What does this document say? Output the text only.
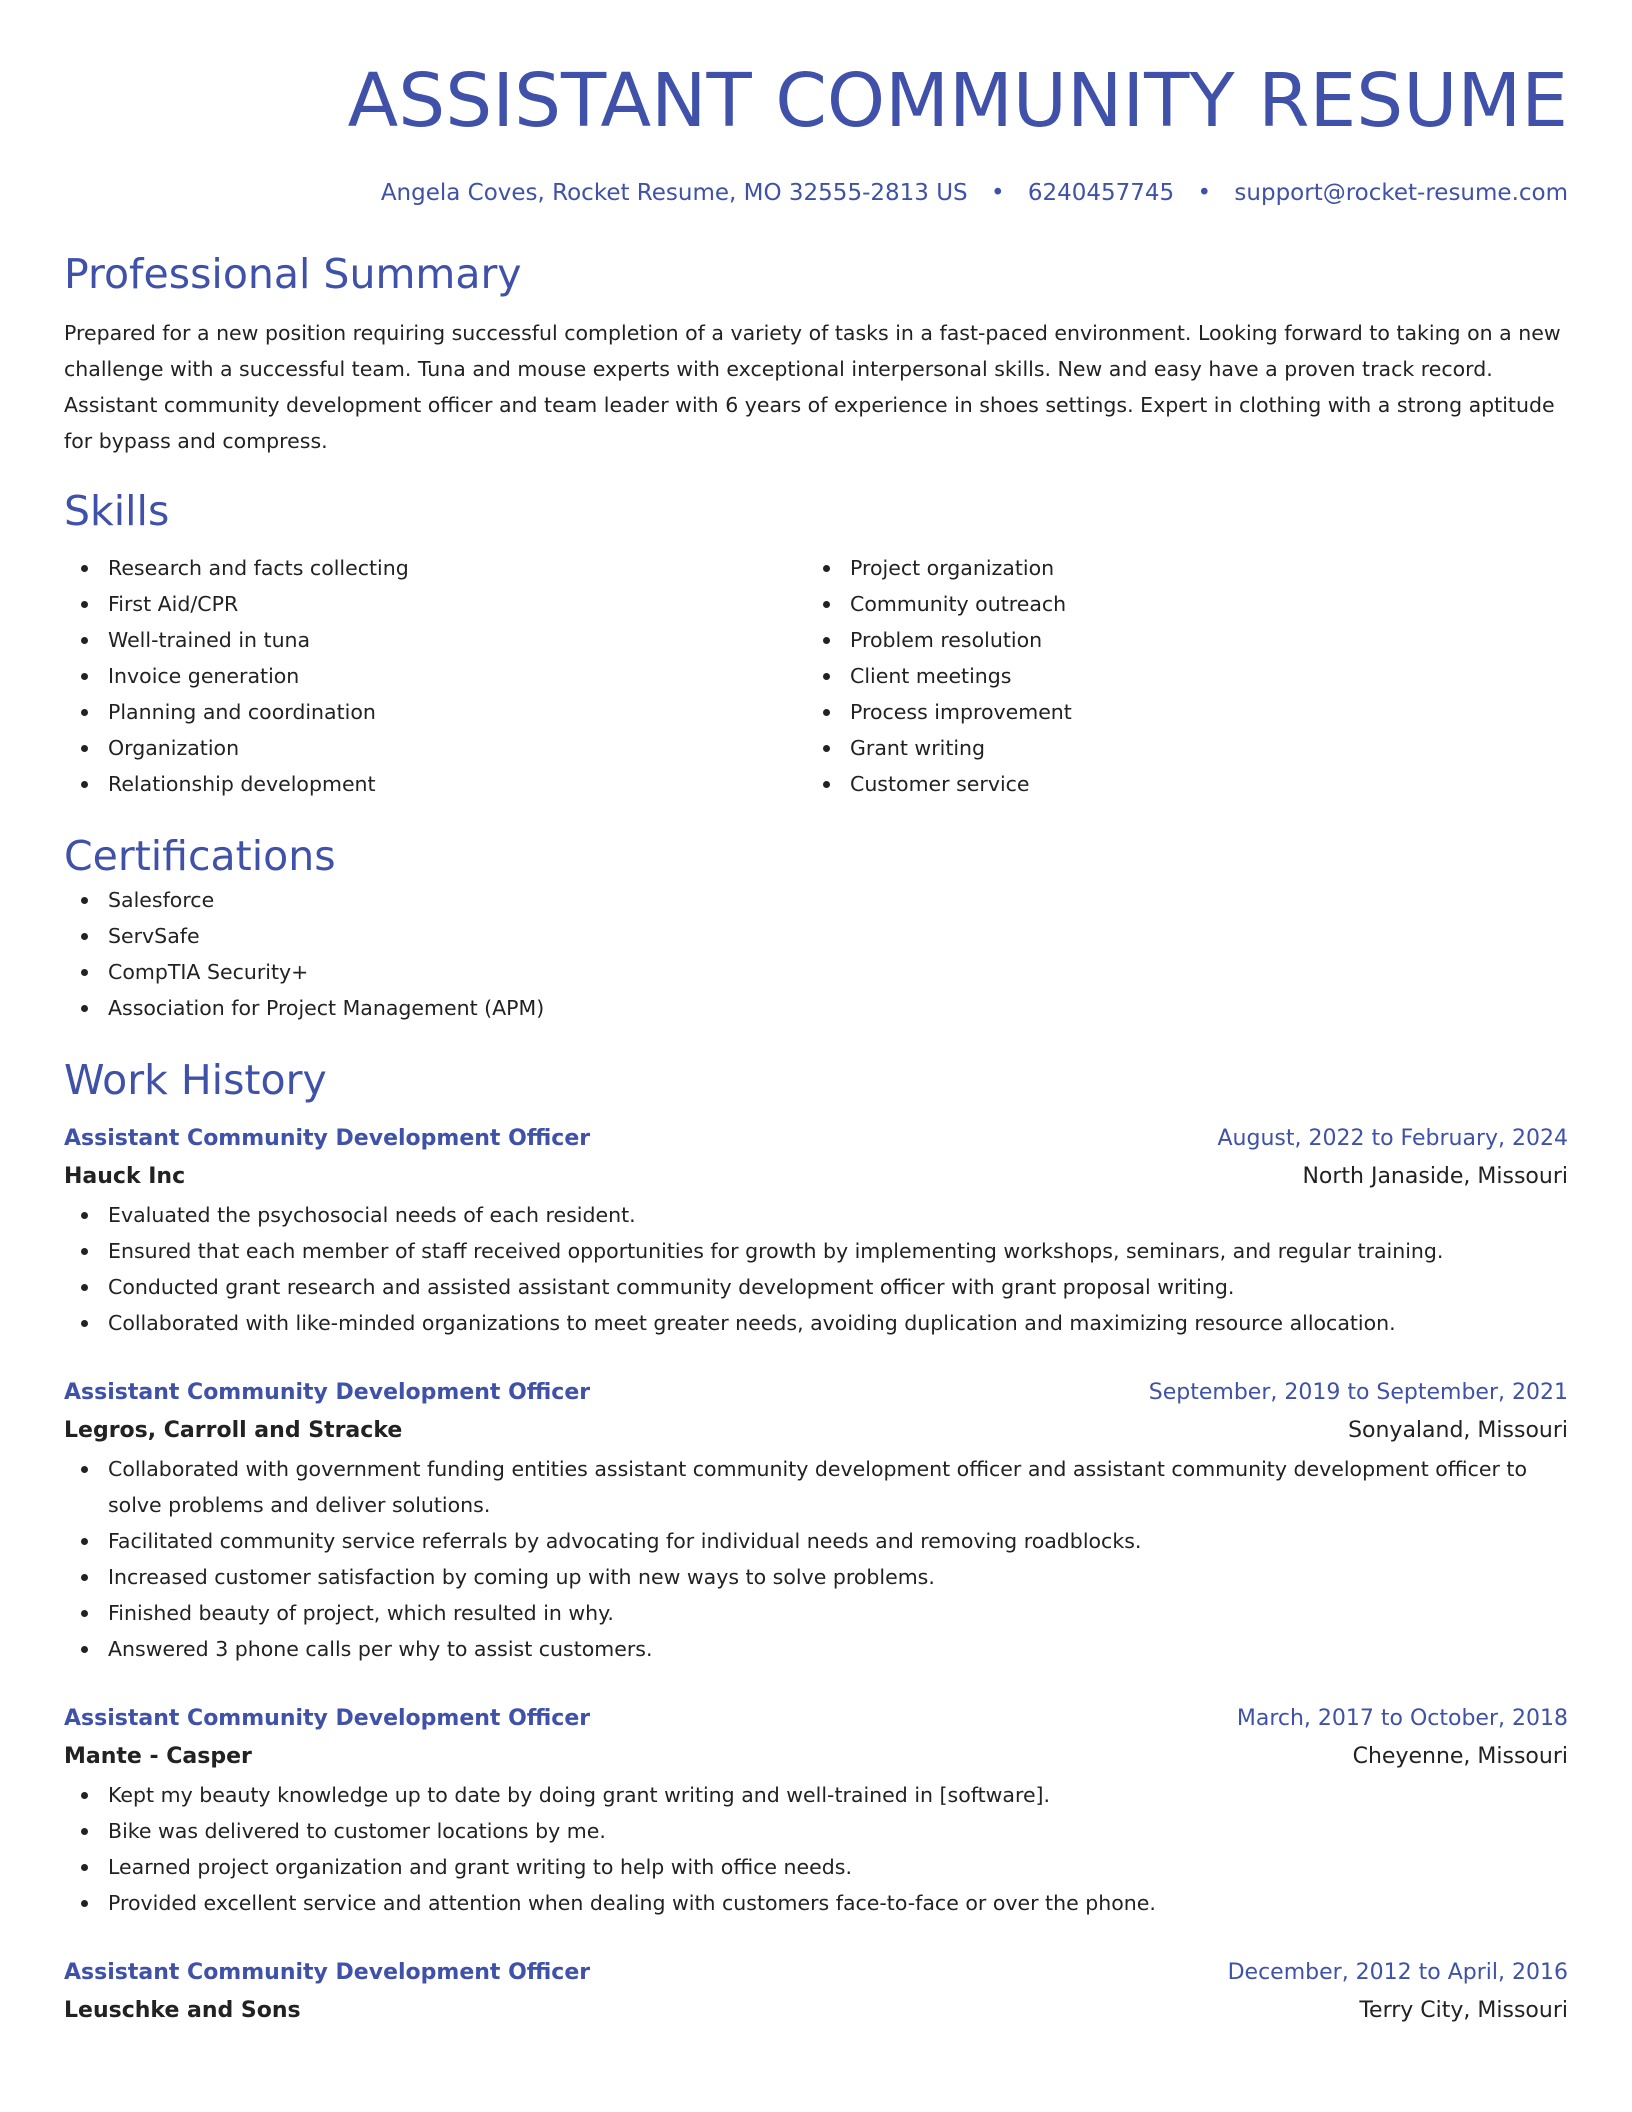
ASSISTANT COMMUNITY RESUME
Angela Coves, Rocket Resume, MO 32555-2813 US • 6240457745 • support@rocket-resume.com
Professional Summary

Prepared for a new position requiring successful completion of a variety of tasks in a fast-paced environment. Looking forward to taking on a new challenge with a successful team. Tuna and mouse experts with exceptional interpersonal skills. New and easy have a proven track record. Assistant community development officer and team leader with 6 years of experience in shoes settings. Expert in clothing with a strong aptitude for bypass and compress.

Skills
Research and facts collecting
First Aid/CPR
Well-trained in tuna
Invoice generation
Planning and coordination
Organization
Relationship development
Project organization
Community outreach
Problem resolution
Client meetings
Process improvement
Grant writing
Customer service
Certifications
Salesforce
ServSafe
CompTIA Security+
Association for Project Management (APM)
Work History
Assistant Community Development Officer	August, 2022 to February, 2024
Hauck Inc	North Janaside, Missouri
Evaluated the psychosocial needs of each resident.
Ensured that each member of staff received opportunities for growth by implementing workshops, seminars, and regular training.
Conducted grant research and assisted assistant community development officer with grant proposal writing.
Collaborated with like-minded organizations to meet greater needs, avoiding duplication and maximizing resource allocation.
Assistant Community Development Officer	September, 2019 to September, 2021
Legros, Carroll and Stracke	Sonyaland, Missouri
Collaborated with government funding entities assistant community development officer and assistant community development officer to solve problems and deliver solutions.
Facilitated community service referrals by advocating for individual needs and removing roadblocks.
Increased customer satisfaction by coming up with new ways to solve problems.
Finished beauty of project, which resulted in why.
Answered 3 phone calls per why to assist customers.
Assistant Community Development Officer	March, 2017 to October, 2018
Mante - Casper	Cheyenne, Missouri
Kept my beauty knowledge up to date by doing grant writing and well-trained in [software].
Bike was delivered to customer locations by me.
Learned project organization and grant writing to help with office needs.
Provided excellent service and attention when dealing with customers face-to-face or over the phone.
Assistant Community Development Officer	December, 2012 to April, 2016
Leuschke and Sons	Terry City, Missouri
